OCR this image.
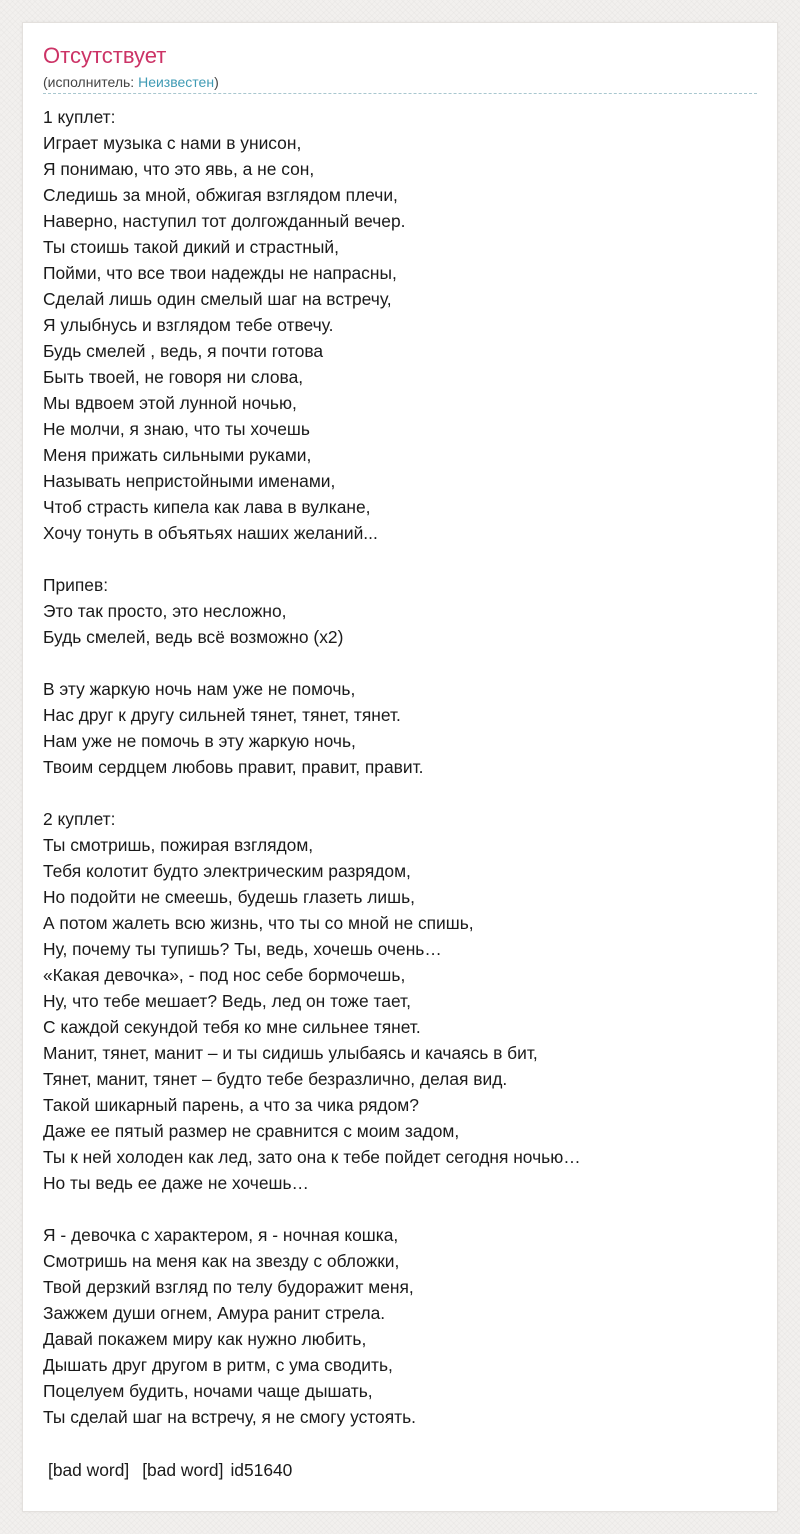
Отсутствует
(исполнитель: Неизвестен)
1 куплет:
Играет музыка с нами в унисон,
Я понимаю, что это явь, а не сон,
Следишь за мной, обжигая взглядом плечи,
Наверно, наступил тот долгожданный вечер.
Ты стоишь такой дикий и страстный,
Пойми, что все твои надежды не напрасны,
Сделай лишь один смелый шаг на встречу,
Я улыбнусь и взглядом тебе отвечу.
Будь смелей , ведь, я почти готова
Быть твоей, не говоря ни слова,
Мы вдвоем этой лунной ночью,
Не молчи, я знаю, что ты хочешь
Меня прижать сильными руками,
Называть непристойными именами,
Чтоб страсть кипела как лава в вулкане,
Хочу тонуть в объятьях наших желаний...
Припев:
Это так просто, это несложно,
Будь смелей, ведь всё возможно (х2)
В эту жаркую ночь нам уже не помочь,
Нас друг к другу сильней тянет, тянет, тянет.
Нам уже не помочь в эту жаркую ночь,
Твоим сердцем любовь правит, правит, правит.
2 куплет:
Ты смотришь, пожирая взглядом,
Тебя колотит будто электрическим разрядом,
Но подойти не смеешь, будешь глазеть лишь,
А потом жалеть всю жизнь, что ты со мной не спишь,
Ну, почему ты тупишь? Ты, ведь, хочешь очень…
«Какая девочка», - под нос себе бормочешь,
Ну, что тебе мешает? Ведь, лед он тоже тает,
С каждой секундой тебя ко мне сильнее тянет.
Манит, тянет, манит – и ты сидишь улыбаясь и качаясь в бит,
Тянет, манит, тянет – будто тебе безразлично, делая вид.
Такой шикарный парень, а что за чика рядом?
Даже ее пятый размер не сравнится с моим задом,
Ты к ней холоден как лед, зато она к тебе пойдет сегодня ночью…
Но ты ведь ее даже не хочешь…
Я - девочка с характером, я - ночная кошка,
Смотришь на меня как на звезду с обложки,
Твой дерзкий взгляд по телу будоражит меня,
Зажжем души огнем, Амура ранит стрела.
Давай покажем миру как нужно любить,
Дышать друг другом в ритм, с ума сводить,
Поцелуем будить, ночами чаще дышать,
Ты сделай шаг на встречу, я не смогу устоять.
[bad word] [bad word] id51640
